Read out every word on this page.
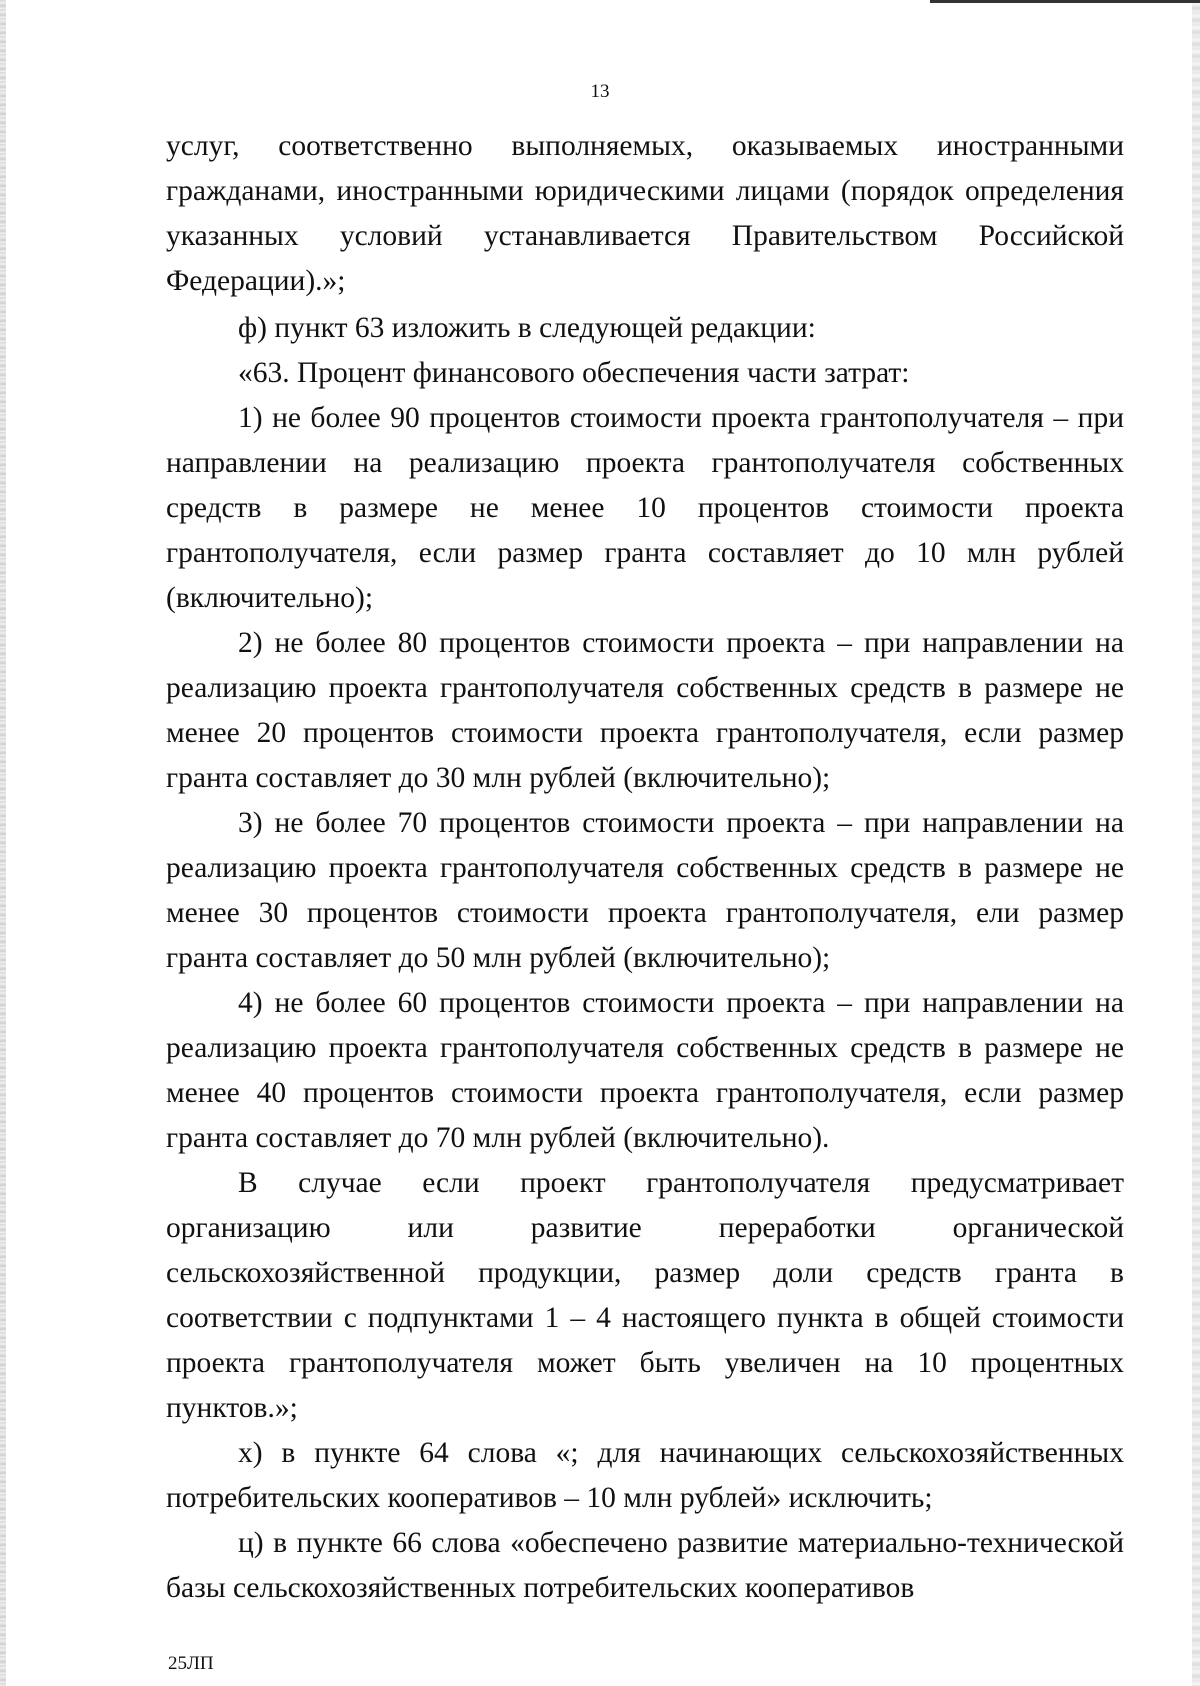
13

услуг, соответственно выполняемых, оказываемых иностранными гражданами, иностранными юридическими лицами (порядок определения указанных условий устанавливается Правительством Российской Федерации).»;

ф) пункт 63 изложить в следующей редакции:

«63. Процент финансового обеспечения части затрат:

1) не более 90 процентов стоимости проекта грантополучателя – при направлении на реализацию проекта грантополучателя собственных средств в размере не менее 10 процентов стоимости проекта грантополучателя, если размер гранта составляет до 10 млн рублей (включительно);

2) не более 80 процентов стоимости проекта – при направлении на реализацию проекта грантополучателя собственных средств в размере не менее 20 процентов стоимости проекта грантополучателя, если размер гранта составляет до 30 млн рублей (включительно);

3) не более 70 процентов стоимости проекта – при направлении на реализацию проекта грантополучателя собственных средств в размере не менее 30 процентов стоимости проекта грантополучателя, ели размер гранта составляет до 50 млн рублей (включительно);

4) не более 60 процентов стоимости проекта – при направлении на реализацию проекта грантополучателя собственных средств в размере не менее 40 процентов стоимости проекта грантополучателя, если размер гранта составляет до 70 млн рублей (включительно).

В случае если проект грантополучателя предусматривает организацию или развитие переработки органической сельскохозяйственной продукции, размер доли средств гранта в соответствии с подпунктами 1 – 4 настоящего пункта в общей стоимости проекта грантополучателя может быть увеличен на 10 процентных пунктов.»;

х) в пункте 64 слова «; для начинающих сельскохозяйственных потребительских кооперативов – 10 млн рублей» исключить;

ц) в пункте 66 слова «обеспечено развитие материально-технической базы сельскохозяйственных потребительских кооперативов

25ЛП
